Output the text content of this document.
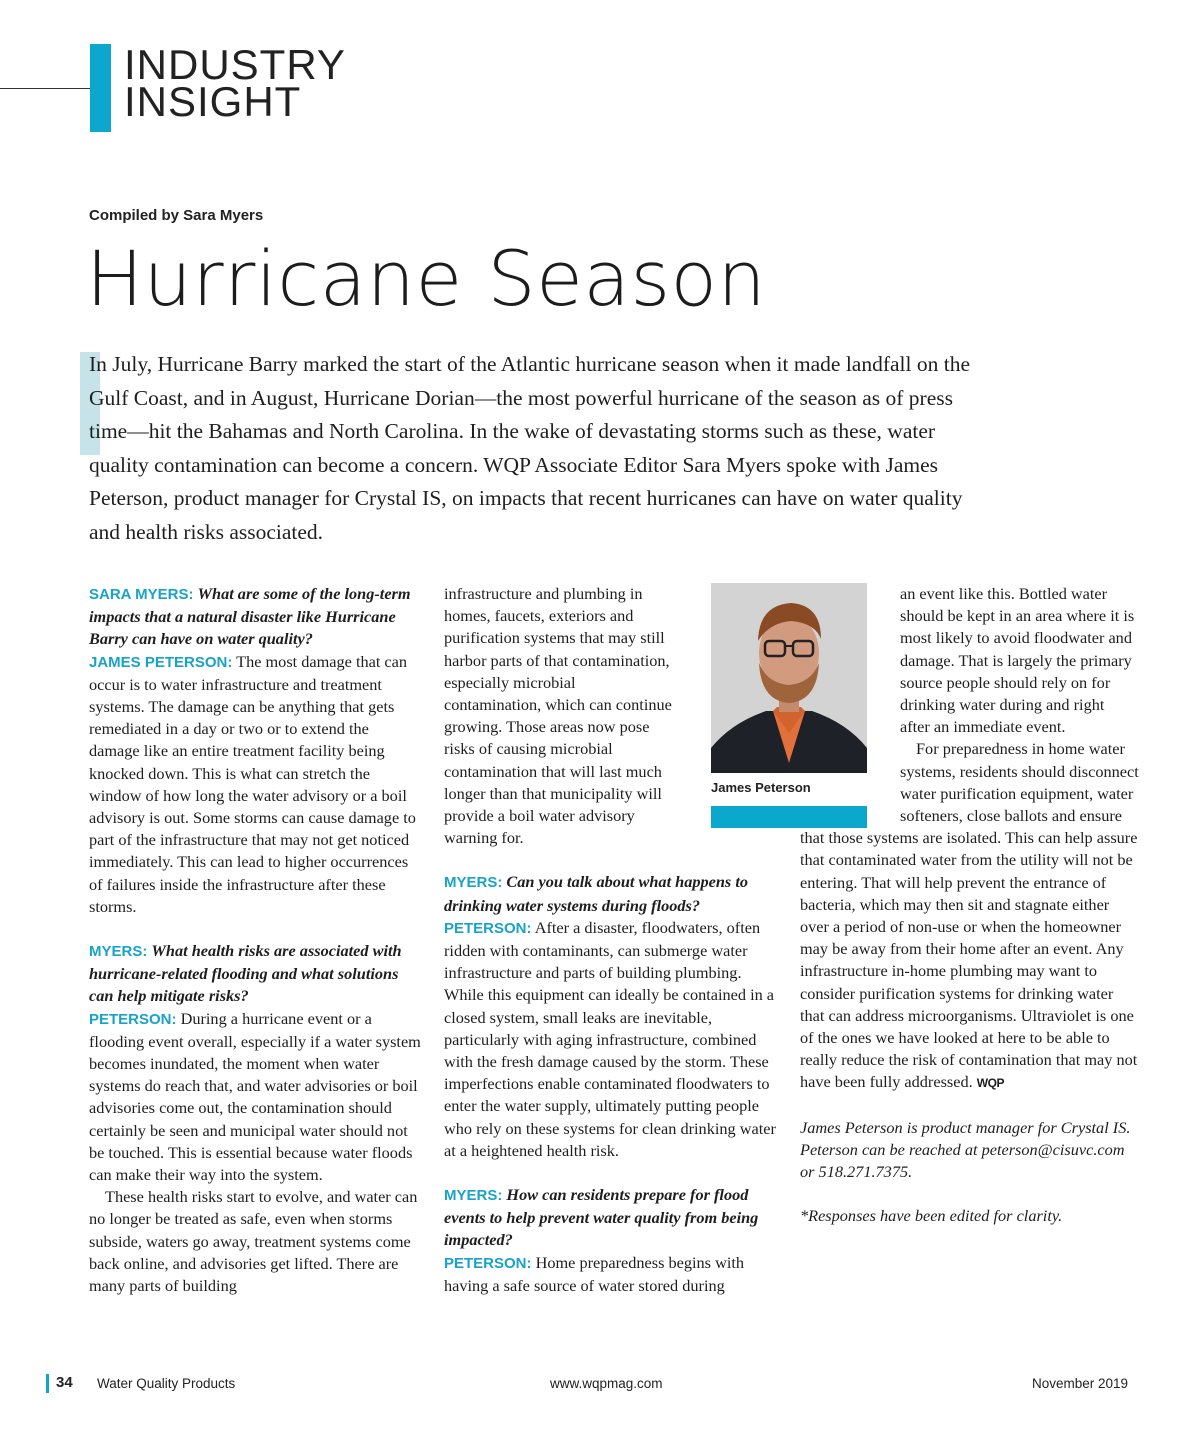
INDUSTRY
INSIGHT
Compiled by Sara Myers
Hurricane Season

In July, Hurricane Barry marked the start of the Atlantic hurricane season when it made landfall on the Gulf Coast, and in August, Hurricane Dorian—the most powerful hurricane of the season as of press time—hit the Bahamas and North Carolina. In the wake of devastating storms such as these, water quality contamination can become a concern. WQP Associate Editor Sara Myers spoke with James Peterson, product manager for Crystal IS, on impacts that recent hurricanes can have on water quality and health risks associated.

SARA MYERS: What are some of the long-term impacts that a natural disaster like Hurricane Barry can have on water quality?

JAMES PETERSON: The most damage that can occur is to water infrastructure and treatment systems. The damage can be anything that gets remediated in a day or two or to extend the damage like an entire treatment facility being knocked down. This is what can stretch the window of how long the water advisory or a boil advisory is out. Some storms can cause damage to part of the infrastructure that may not get noticed immediately. This can lead to higher occurrences of failures inside the infrastructure after these storms.

MYERS: What health risks are associated with hurricane-related flooding and what solutions can help mitigate risks?

PETERSON: During a hurricane event or a flooding event overall, especially if a water system becomes inundated, the moment when water systems do reach that, and water advisories or boil advisories come out, the contamination should certainly be seen and municipal water should not be touched. This is essential because water floods can make their way into the system.

These health risks start to evolve, and water can no longer be treated as safe, even when storms subside, waters go away, treatment systems come back online, and advisories get lifted. There are many parts of building

infrastructure and plumbing in homes, faucets, exteriors and purification systems that may still harbor parts of that contamination, especially microbial contamination, which can continue growing. Those areas now pose risks of causing microbial contamination that will last much longer than that municipality will provide a boil water advisory warning for.

MYERS: Can you talk about what happens to drinking water systems during floods?

PETERSON: After a disaster, floodwaters, often ridden with contaminants, can submerge water infrastructure and parts of building plumbing. While this equipment can ideally be contained in a closed system, small leaks are inevitable, particularly with aging infrastructure, combined with the fresh damage caused by the storm. These imperfections enable contaminated floodwaters to enter the water supply, ultimately putting people who rely on these systems for clean drinking water at a heightened health risk.

MYERS: How can residents prepare for flood events to help prevent water quality from being impacted?

PETERSON: Home preparedness begins with having a safe source of water stored during

James Peterson

an event like this. Bottled water should be kept in an area where it is most likely to avoid floodwater and damage. That is largely the primary source people should rely on for drinking water during and right after an immediate event.

For preparedness in home water systems, residents should disconnect water purification equipment, water softeners, close ballots and ensure that those systems are isolated. This can help assure that contaminated water from the utility will not be entering. That will help prevent the entrance of bacteria, which may then sit and stagnate either over a period of non-use or when the homeowner may be away from their home after an event. Any infrastructure in-home plumbing may want to consider purification systems for drinking water that can address microorganisms. Ultraviolet is one of the ones we have looked at here to be able to really reduce the risk of contamination that may not have been fully addressed. WQP

James Peterson is product manager for Crystal IS. Peterson can be reached at peterson@cisuvc.com or 518.271.7375.

*Responses have been edited for clarity.

34 Water Quality Products	www.wqpmag.com	November 2019
